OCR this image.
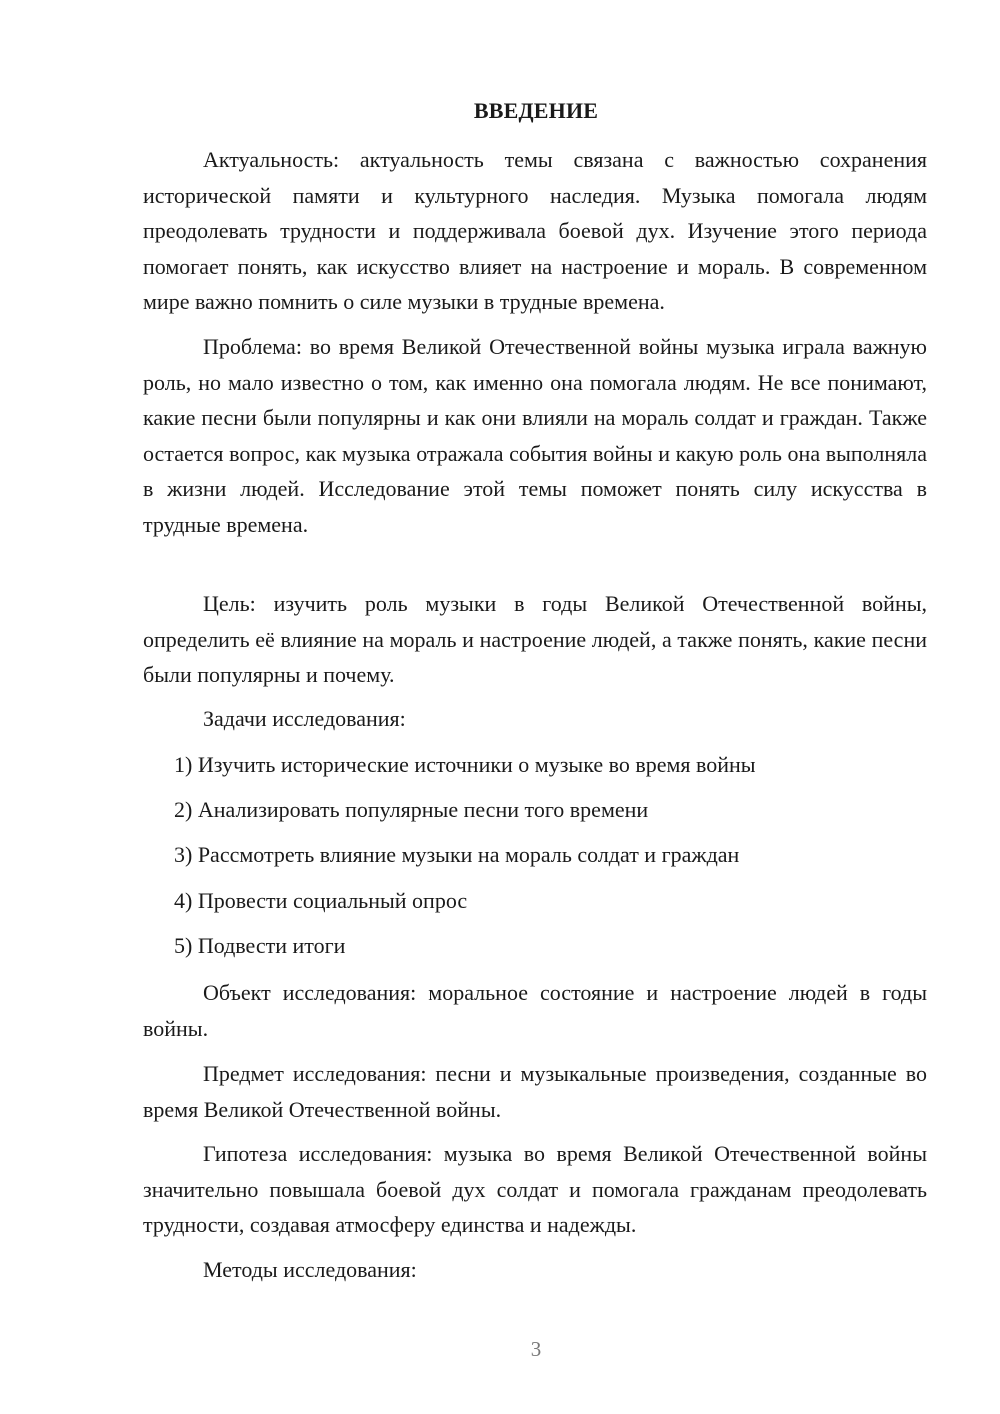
ВВЕДЕНИЕ

Актуальность: актуальность темы связана с важностью сохранения исторической памяти и культурного наследия. Музыка помогала людям преодолевать трудности и поддерживала боевой дух. Изучение этого периода помогает понять, как искусство влияет на настроение и мораль. В современном мире важно помнить о силе музыки в трудные времена.

Проблема: во время Великой Отечественной войны музыка играла важную роль, но мало известно о том, как именно она помогала людям. Не все понимают, какие песни были популярны и как они влияли на мораль солдат и граждан. Также остается вопрос, как музыка отражала события войны и какую роль она выполняла в жизни людей. Исследование этой темы поможет понять силу искусства в трудные времена.

Цель: изучить роль музыки в годы Великой Отечественной войны, определить её влияние на мораль и настроение людей, а также понять, какие песни были популярны и почему.

Задачи исследования:

1) Изучить исторические источники о музыке во время войны

2) Анализировать популярные песни того времени

3) Рассмотреть влияние музыки на мораль солдат и граждан

4) Провести социальный опрос

5) Подвести итоги

Объект исследования: моральное состояние и настроение людей в годы войны.

Предмет исследования: песни и музыкальные произведения, созданные во время Великой Отечественной войны.

Гипотеза исследования: музыка во время Великой Отечественной войны значительно повышала боевой дух солдат и помогала гражданам преодолевать трудности, создавая атмосферу единства и надежды.

Методы исследования:

3
